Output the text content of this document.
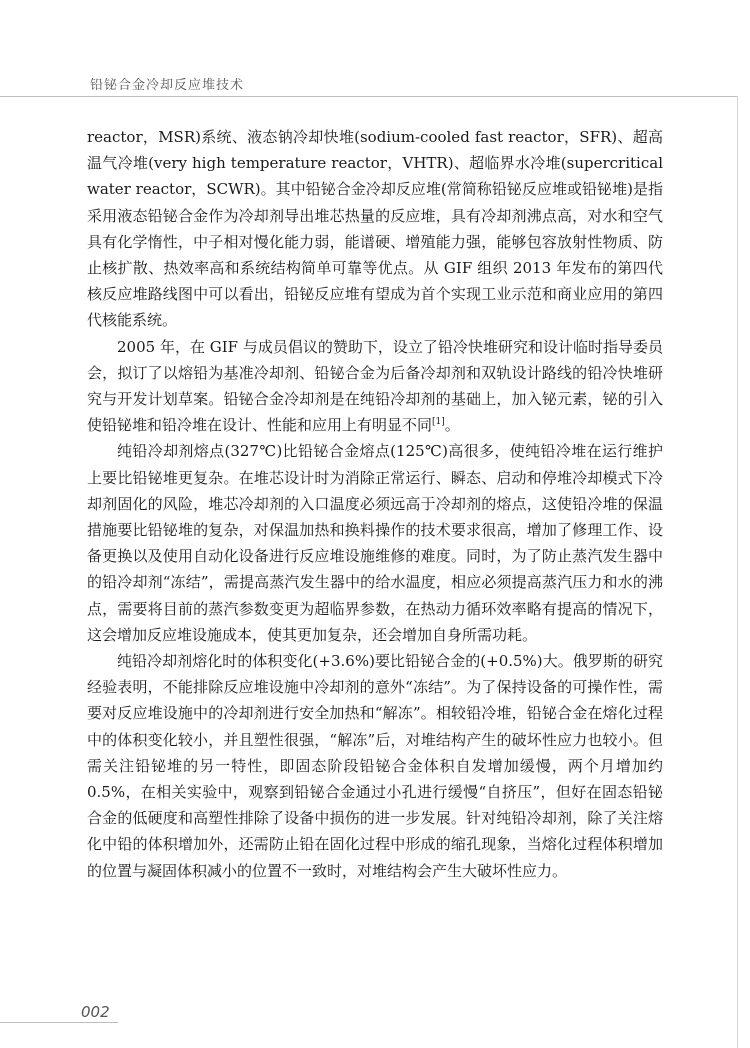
铅铋合金冷却反应堆技术

reactor，MSR)系统、液态钠冷却快堆(sodium-cooled fast reactor，SFR)、超高温气冷堆(very high temperature reactor，VHTR)、超临界水冷堆(supercritical water reactor，SCWR)。其中铅铋合金冷却反应堆(常简称铅铋反应堆或铅铋堆)是指采用液态铅铋合金作为冷却剂导出堆芯热量的反应堆，具有冷却剂沸点高，对水和空气具有化学惰性，中子相对慢化能力弱，能谱硬、增殖能力强，能够包容放射性物质、防止核扩散、热效率高和系统结构简单可靠等优点。从 GIF 组织 2013 年发布的第四代核反应堆路线图中可以看出，铅铋反应堆有望成为首个实现工业示范和商业应用的第四代核能系统。

2005 年，在 GIF 与成员倡议的赞助下，设立了铅冷快堆研究和设计临时指导委员会，拟订了以熔铅为基准冷却剂、铅铋合金为后备冷却剂和双轨设计路线的铅冷快堆研究与开发计划草案。铅铋合金冷却剂是在纯铅冷却剂的基础上，加入铋元素，铋的引入使铅铋堆和铅冷堆在设计、性能和应用上有明显不同[1]。

纯铅冷却剂熔点(327℃)比铅铋合金熔点(125℃)高很多，使纯铅冷堆在运行维护上要比铅铋堆更复杂。在堆芯设计时为消除正常运行、瞬态、启动和停堆冷却模式下冷却剂固化的风险，堆芯冷却剂的入口温度必须远高于冷却剂的熔点，这使铅冷堆的保温措施要比铅铋堆的复杂，对保温加热和换料操作的技术要求很高，增加了修理工作、设备更换以及使用自动化设备进行反应堆设施维修的难度。同时，为了防止蒸汽发生器中的铅冷却剂“冻结”，需提高蒸汽发生器中的给水温度，相应必须提高蒸汽压力和水的沸点，需要将目前的蒸汽参数变更为超临界参数，在热动力循环效率略有提高的情况下，这会增加反应堆设施成本，使其更加复杂，还会增加自身所需功耗。

纯铅冷却剂熔化时的体积变化(+3.6%)要比铅铋合金的(+0.5%)大。俄罗斯的研究经验表明，不能排除反应堆设施中冷却剂的意外“冻结”。为了保持设备的可操作性，需要对反应堆设施中的冷却剂进行安全加热和“解冻”。相较铅冷堆，铅铋合金在熔化过程中的体积变化较小，并且塑性很强，“解冻”后，对堆结构产生的破坏性应力也较小。但需关注铅铋堆的另一特性，即固态阶段铅铋合金体积自发增加缓慢，两个月增加约 0.5%，在相关实验中，观察到铅铋合金通过小孔进行缓慢“自挤压”，但好在固态铅铋合金的低硬度和高塑性排除了设备中损伤的进一步发展。针对纯铅冷却剂，除了关注熔化中铅的体积增加外，还需防止铅在固化过程中形成的缩孔现象，当熔化过程体积增加的位置与凝固体积减小的位置不一致时，对堆结构会产生大破坏性应力。

002
